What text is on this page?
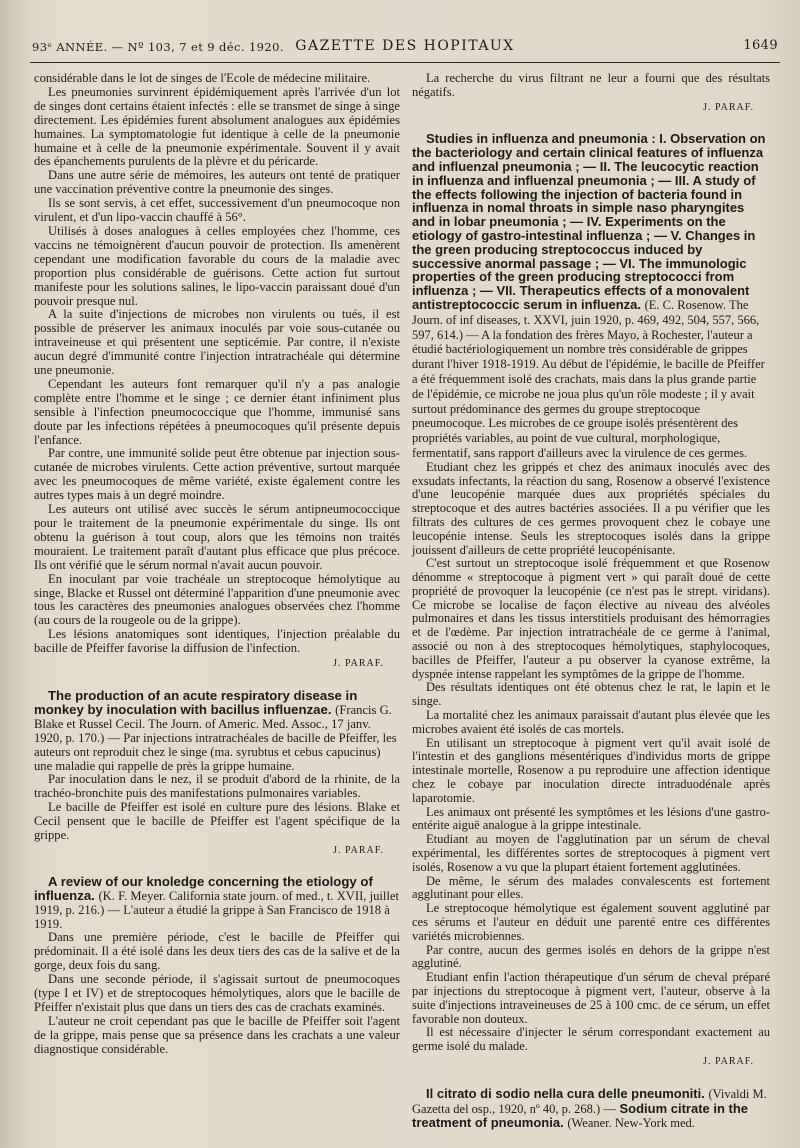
93ᵉ ANNÉE. — Nº 103, 7 et 9 déc. 1920. GAZETTE DES HOPITAUX	1649

considérable dans le lot de singes de l'Ecole de médecine militaire.

Les pneumonies survinrent épidémiquement après l'arrivée d'un lot de singes dont certains étaient infectés : elle se transmet de singe à singe directement. Les épidémies furent absolument analogues aux épidémies humaines. La symptomatologie fut identique à celle de la pneumonie humaine et à celle de la pneumonie expérimentale. Souvent il y avait des épanchements purulents de la plèvre et du péricarde.

Dans une autre série de mémoires, les auteurs ont tenté de pratiquer une vaccination préventive contre la pneumonie des singes.

Ils se sont servis, à cet effet, successivement d'un pneumocoque non virulent, et d'un lipo-vaccin chauffé à 56°.

Utilisés à doses analogues à celles employées chez l'homme, ces vaccins ne témoignèrent d'aucun pouvoir de protection. Ils amenèrent cependant une modification favorable du cours de la maladie avec proportion plus considérable de guérisons. Cette action fut surtout manifeste pour les solutions salines, le lipo-vaccin paraissant doué d'un pouvoir presque nul.

A la suite d'injections de microbes non virulents ou tués, il est possible de préserver les animaux inoculés par voie sous-cutanée ou intraveineuse et qui présentent une septicémie. Par contre, il n'existe aucun degré d'immunité contre l'injection intratrachéale qui détermine une pneumonie.

Cependant les auteurs font remarquer qu'il n'y a pas analogie complète entre l'homme et le singe ; ce dernier étant infiniment plus sensible à l'infection pneumococcique que l'homme, immunisé sans doute par les infections répétées à pneumocoques qu'il présente depuis l'enfance.

Par contre, une immunité solide peut être obtenue par injection sous-cutanée de microbes virulents. Cette action préventive, surtout marquée avec les pneumocoques de même variété, existe également contre les autres types mais à un degré moindre.

Les auteurs ont utilisé avec succès le sérum antipneumococcique pour le traitement de la pneumonie expérimentale du singe. Ils ont obtenu la guérison à tout coup, alors que les témoins non traités mouraient. Le traitement paraît d'autant plus efficace que plus précoce. Ils ont vérifié que le sérum normal n'avait aucun pouvoir.

En inoculant par voie trachéale un streptocoque hémolytique au singe, Blacke et Russel ont déterminé l'apparition d'une pneumonie avec tous les caractères des pneumonies analogues observées chez l'homme (au cours de la rougeole ou de la grippe).

Les lésions anatomiques sont identiques, l'injection préalable du bacille de Pfeiffer favorise la diffusion de l'infection.

J. PARAF.
The production of an acute respiratory disease in monkey by inoculation with bacillus influenzae. (Francis G. Blake et Russel Cecil. The Journ. of Americ. Med. Assoc., 17 janv. 1920, p. 170.) — Par injections intratrachéales de bacille de Pfeiffer, les auteurs ont reproduit chez le singe (ma. syrubtus et cebus capucinus) une maladie qui rappelle de près la grippe humaine.

Par inoculation dans le nez, il se produit d'abord de la rhinite, de la trachéo-bronchite puis des manifestations pulmonaires variables.

Le bacille de Pfeiffer est isolé en culture pure des lésions. Blake et Cecil pensent que le bacille de Pfeiffer est l'agent spécifique de la grippe.

J. PARAF.
A review of our knoledge concerning the etiology of influenza. (K. F. Meyer. California state journ. of med., t. XVII, juillet 1919, p. 216.) — L'auteur a étudié la grippe à San Francisco de 1918 à 1919.

Dans une première période, c'est le bacille de Pfeiffer qui prédominait. Il a été isolé dans les deux tiers des cas de la salive et de la gorge, deux fois du sang.

Dans une seconde période, il s'agissait surtout de pneumocoques (type I et IV) et de streptocoques hémolytiques, alors que le bacille de Pfeiffer n'existait plus que dans un tiers des cas de crachats examinés.

L'auteur ne croit cependant pas que le bacille de Pfeiffer soit l'agent de la grippe, mais pense que sa présence dans les crachats a une valeur diagnostique considérable.

La recherche du virus filtrant ne leur a fourni que des résultats négatifs.

J. PARAF.
Studies in influenza and pneumonia : I. Observation on the bacteriology and certain clinical features of influenza and influenzal pneumonia ; — II. The leucocytic reaction in influenza and influenzal pneumonia ; — III. A study of the effects following the injection of bacteria found in influenza in nomal throats in simple naso pharyngites and in lobar pneumonia ; — IV. Experiments on the etiology of gastro-intestinal influenza ; — V. Changes in the green producing streptococcus induced by successive anormal passage ; — VI. The immunologic properties of the green producing streptococci from influenza ; — VII. Therapeutics effects of a monovalent antistreptococcic serum in influenza. (E. C. Rosenow. The Journ. of inf diseases, t. XXVI, juin 1920, p. 469, 492, 504, 557, 566, 597, 614.) — A la fondation des frères Mayo, à Rochester, l'auteur a étudié bactériologiquement un nombre très considérable de grippes durant l'hiver 1918-1919. Au début de l'épidémie, le bacille de Pfeiffer a été fréquemment isolé des crachats, mais dans la plus grande partie de l'épidémie, ce microbe ne joua plus qu'un rôle modeste ; il y avait surtout prédominance des germes du groupe streptocoque pneumocoque. Les microbes de ce groupe isolés présentèrent des propriétés variables, au point de vue cultural, morphologique, fermentatif, sans rapport d'ailleurs avec la virulence de ces germes.

Etudiant chez les grippés et chez des animaux inoculés avec des exsudats infectants, la réaction du sang, Rosenow a observé l'existence d'une leucopénie marquée dues aux propriétés spéciales du streptocoque et des autres bactéries associées. Il a pu vérifier que les filtrats des cultures de ces germes provoquent chez le cobaye une leucopénie intense. Seuls les streptocoques isolés dans la grippe jouissent d'ailleurs de cette propriété leucopénisante.

C'est surtout un streptocoque isolé fréquemment et que Rosenow dénomme « streptocoque à pigment vert » qui paraît doué de cette propriété de provoquer la leucopénie (ce n'est pas le strept. viridans). Ce microbe se localise de façon élective au niveau des alvéoles pulmonaires et dans les tissus interstitiels produisant des hémorragies et de l'œdème. Par injection intratrachéale de ce germe à l'animal, associé ou non à des streptocoques hémolytiques, staphylocoques, bacilles de Pfeiffer, l'auteur a pu observer la cyanose extrême, la dyspnée intense rappelant les symptômes de la grippe de l'homme.

Des résultats identiques ont été obtenus chez le rat, le lapin et le singe.

La mortalité chez les animaux paraissait d'autant plus élevée que les microbes avaient été isolés de cas mortels.

En utilisant un streptocoque à pigment vert qu'il avait isolé de l'intestin et des ganglions mésentériques d'individus morts de grippe intestinale mortelle, Rosenow a pu reproduire une affection identique chez le cobaye par inoculation directe intraduodénale après laparotomie.

Les animaux ont présenté les symptômes et les lésions d'une gastro-entérite aiguë analogue à la grippe intestinale.

Etudiant au moyen de l'agglutination par un sérum de cheval expérimental, les différentes sortes de streptocoques à pigment vert isolés, Rosenow a vu que la plupart étaient fortement agglutinées.

De même, le sérum des malades convalescents est fortement agglutinant pour elles.

Le streptocoque hémolytique est également souvent agglutiné par ces sérums et l'auteur en déduit une parenté entre ces différentes variétés microbiennes.

Par contre, aucun des germes isolés en dehors de la grippe n'est agglutiné.

Etudiant enfin l'action thérapeutique d'un sérum de cheval préparé par injections du streptocoque à pigment vert, l'auteur, observe à la suite d'injections intraveineuses de 25 à 100 cmc. de ce sérum, un effet favorable non douteux.

Il est nécessaire d'injecter le sérum correspondant exactement au germe isolé du malade.

J. PARAF.
Il citrato di sodio nella cura delle pneumoniti. (Vivaldi M. Gazetta del osp., 1920, nº 40, p. 268.) — Sodium citrate in the treatment of pneumonia. (Weaner. New-York med.
